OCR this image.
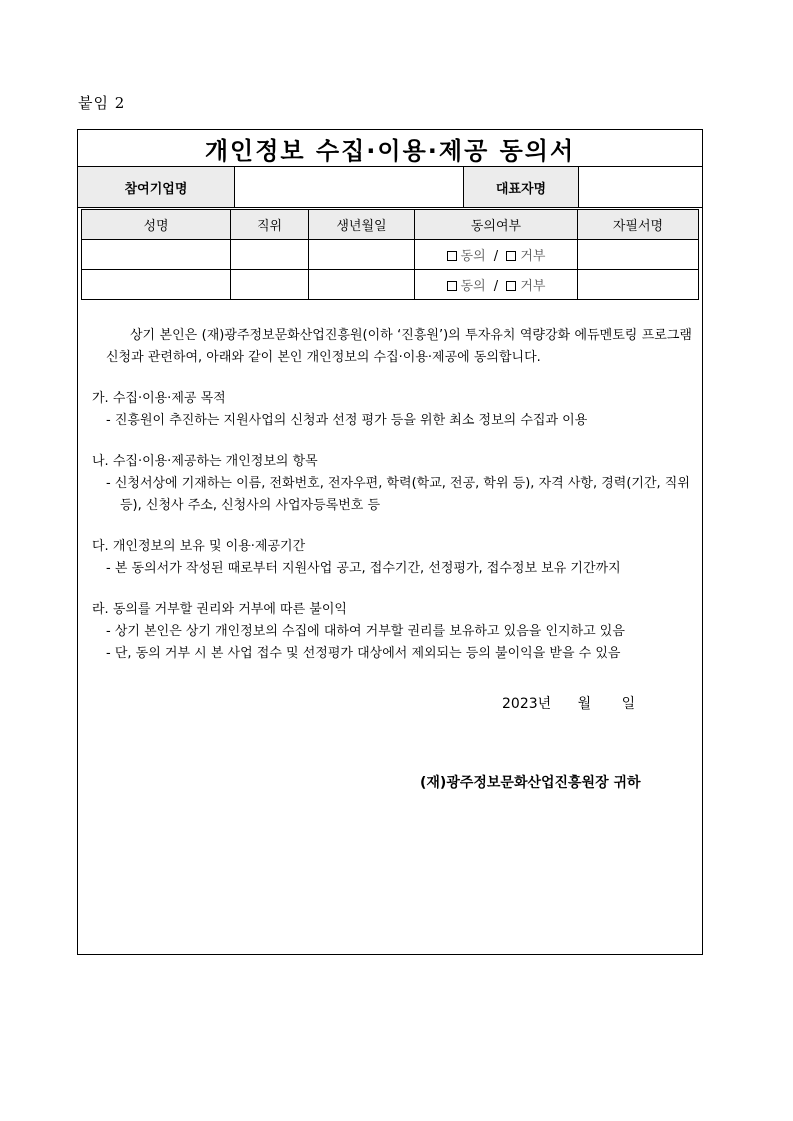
붙임 2
개인정보 수집·이용·제공 동의서
참여기업명	대표자명
성명	직위	생년월일	동의여부	자필서명
			동의 / 거부	
			동의 / 거부	

상기 본인은 (재)광주정보문화산업진흥원(이하 ‘진흥원’)의 투자유치 역량강화 에듀멘토링 프로그램 신청과 관련하여, 아래와 같이 본인 개인정보의 수집·이용·제공에 동의합니다.

가. 수집·이용·제공 목적

- 진흥원이 추진하는 지원사업의 신청과 선정 평가 등을 위한 최소 정보의 수집과 이용

나. 수집·이용·제공하는 개인정보의 항목

- 신청서상에 기재하는 이름, 전화번호, 전자우편, 학력(학교, 전공, 학위 등), 자격 사항, 경력(기간, 직위 등), 신청사 주소, 신청사의 사업자등록번호 등

다. 개인정보의 보유 및 이용·제공기간

- 본 동의서가 작성된 때로부터 지원사업 공고, 접수기간, 선정평가, 접수정보 보유 기간까지

라. 동의를 거부할 권리와 거부에 따른 불이익

- 상기 본인은 상기 개인정보의 수집에 대하여 거부할 권리를 보유하고 있음을 인지하고 있음

- 단, 동의 거부 시 본 사업 접수 및 선정평가 대상에서 제외되는 등의 불이익을 받을 수 있음

2023년 월 일
(재)광주정보문화산업진흥원장 귀하
